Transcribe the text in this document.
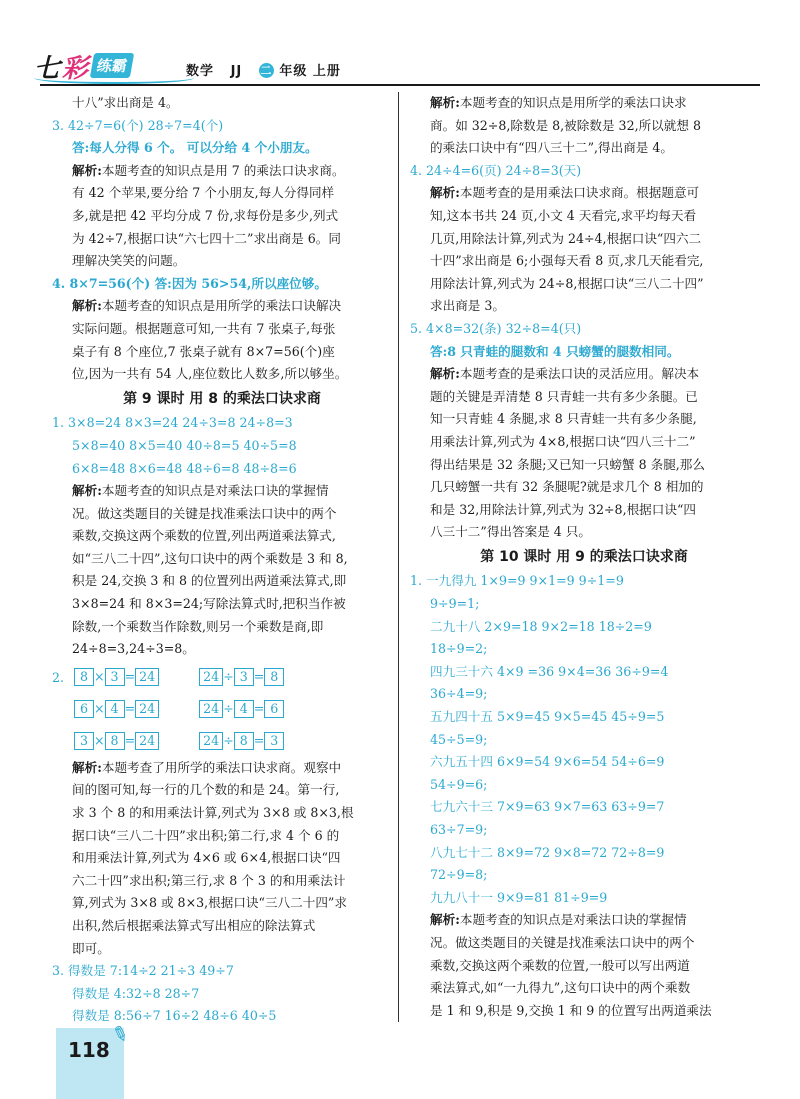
七彩 练霸	数学 JJ 二 年级 上册
十八”求出商是 4。
3. 42÷7=6(个) 28÷7=4(个)
答:每人分得 6 个。 可以分给 4 个小朋友。
解析:本题考查的知识点是用 7 的乘法口诀求商。
有 42 个苹果,要分给 7 个小朋友,每人分得同样
多,就是把 42 平均分成 7 份,求每份是多少,列式
为 42÷7,根据口诀“六七四十二”求出商是 6。同
理解决笑笑的问题。
4. 8×7=56(个) 答:因为 56>54,所以座位够。
解析:本题考查的知识点是用所学的乘法口诀解决
实际问题。根据题意可知,一共有 7 张桌子,每张
桌子有 8 个座位,7 张桌子就有 8×7=56(个)座
位,因为一共有 54 人,座位数比人数多,所以够坐。
第 9 课时 用 8 的乘法口诀求商
1. 3×8=24 8×3=24 24÷3=8 24÷8=3
5×8=40 8×5=40 40÷8=5 40÷5=8
6×8=48 8×6=48 48÷6=8 48÷8=6
解析:本题考查的知识点是对乘法口诀的掌握情
况。做这类题目的关键是找准乘法口诀中的两个
乘数,交换这两个乘数的位置,列出两道乘法算式,
如“三八二十四”,这句口诀中的两个乘数是 3 和 8,
积是 24,交换 3 和 8 的位置列出两道乘法算式,即
3×8=24 和 8×3=24;写除法算式时,把积当作被
除数,一个乘数当作除数,则另一个乘数是商,即
24÷8=3,24÷3=8。
2.	8 × 3 = 24	24 ÷ 3 = 8
6 × 4 = 24	24 ÷ 4 = 6
3 × 8 = 24	24 ÷ 8 = 3
解析:本题考查了用所学的乘法口诀求商。观察中
间的图可知,每一行的几个数的和是 24。第一行,
求 3 个 8 的和用乘法计算,列式为 3×8 或 8×3,根
据口诀“三八二十四”求出积;第二行,求 4 个 6 的
和用乘法计算,列式为 4×6 或 6×4,根据口诀“四
六二十四”求出积;第三行,求 8 个 3 的和用乘法计
算,列式为 3×8 或 8×3,根据口诀“三八二十四”求
出积,然后根据乘法算式写出相应的除法算式
即可。
3. 得数是 7:14÷2 21÷3 49÷7
得数是 4:32÷8 28÷7
得数是 8:56÷7 16÷2 48÷6 40÷5
解析:本题考查的知识点是用所学的乘法口诀求
商。如 32÷8,除数是 8,被除数是 32,所以就想 8
的乘法口诀中有“四八三十二”,得出商是 4。
4. 24÷4=6(页) 24÷8=3(天)
解析:本题考查的是用乘法口诀求商。根据题意可
知,这本书共 24 页,小文 4 天看完,求平均每天看
几页,用除法计算,列式为 24÷4,根据口诀“四六二
十四”求出商是 6;小强每天看 8 页,求几天能看完,
用除法计算,列式为 24÷8,根据口诀“三八二十四”
求出商是 3。
5. 4×8=32(条) 32÷8=4(只)
答:8 只青蛙的腿数和 4 只螃蟹的腿数相同。
解析:本题考查的是乘法口诀的灵活应用。解决本
题的关键是弄清楚 8 只青蛙一共有多少条腿。已
知一只青蛙 4 条腿,求 8 只青蛙一共有多少条腿,
用乘法计算,列式为 4×8,根据口诀“四八三十二”
得出结果是 32 条腿;又已知一只螃蟹 8 条腿,那么
几只螃蟹一共有 32 条腿呢?就是求几个 8 相加的
和是 32,用除法计算,列式为 32÷8,根据口诀“四
八三十二”得出答案是 4 只。
第 10 课时 用 9 的乘法口诀求商
1. 一九得九 1×9=9 9×1=9 9÷1=9
9÷9=1;
二九十八 2×9=18 9×2=18 18÷2=9
18÷9=2;
四九三十六 4×9 =36 9×4=36 36÷9=4
36÷4=9;
五九四十五 5×9=45 9×5=45 45÷9=5
45÷5=9;
六九五十四 6×9=54 9×6=54 54÷6=9
54÷9=6;
七九六十三 7×9=63 9×7=63 63÷9=7
63÷7=9;
八九七十二 8×9=72 9×8=72 72÷8=9
72÷9=8;
九九八十一 9×9=81 81÷9=9
解析:本题考查的知识点是对乘法口诀的掌握情
况。做这类题目的关键是找准乘法口诀中的两个
乘数,交换这两个乘数的位置,一般可以写出两道
乘法算式,如“一九得九”,这句口诀中的两个乘数
是 1 和 9,积是 9,交换 1 和 9 的位置写出两道乘法
118
✎
